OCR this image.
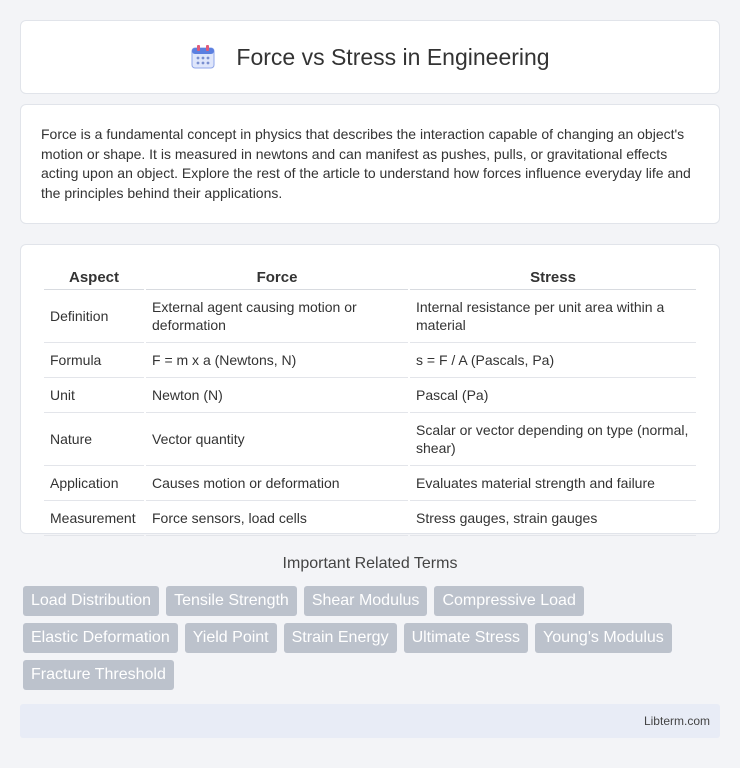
Force vs Stress in Engineering

Force is a fundamental concept in physics that describes the interaction capable of changing an object's motion or shape. It is measured in newtons and can manifest as pushes, pulls, or gravitational effects acting upon an object. Explore the rest of the article to understand how forces influence everyday life and the principles behind their applications.

Aspect	Force	Stress
Definition	External agent causing motion or deformation	Internal resistance per unit area within a material
Formula	F = m x a (Newtons, N)	s = F / A (Pascals, Pa)
Unit	Newton (N)	Pascal (Pa)
Nature	Vector quantity	Scalar or vector depending on type (normal, shear)
Application	Causes motion or deformation	Evaluates material strength and failure
Measurement	Force sensors, load cells	Stress gauges, strain gauges
Important Related Terms
Load Distribution	Tensile Strength	Shear Modulus	Compressive Load
Elastic Deformation	Yield Point	Strain Energy	Ultimate Stress	Young's Modulus
Fracture Threshold
Libterm.com
